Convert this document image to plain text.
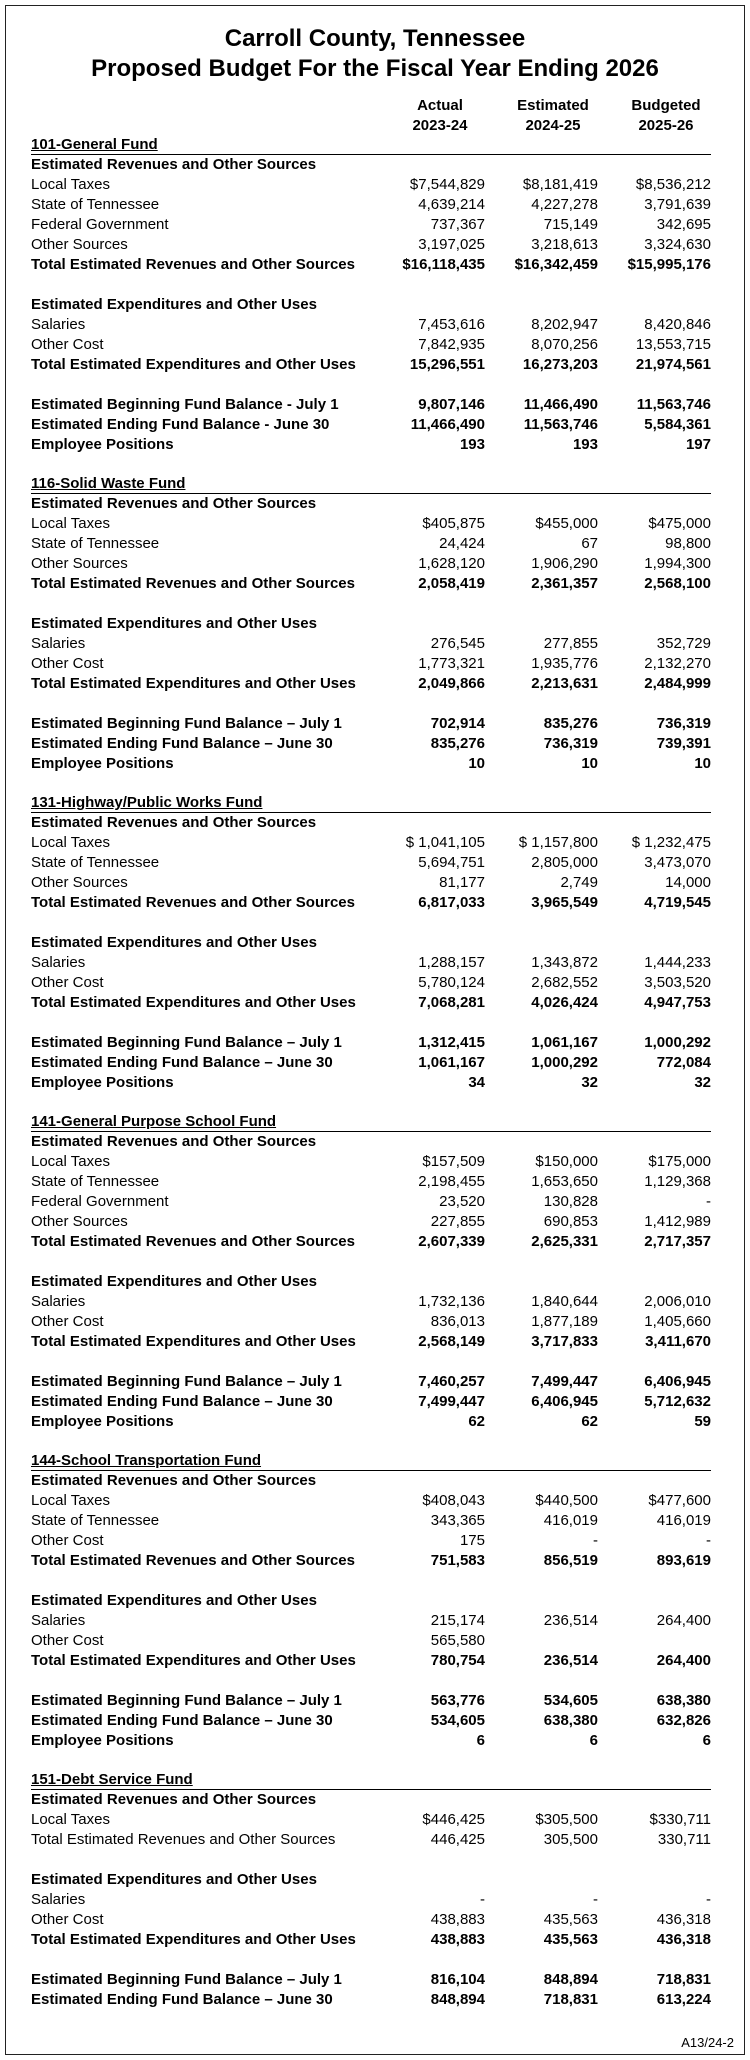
Carroll County, Tennessee
Proposed Budget For the Fiscal Year Ending 2026
Actual
2023-24
Estimated
2024-25
Budgeted
2025-26
101-General Fund
Estimated Revenues and Other Sources
Local Taxes	$7,544,829	$8,181,419	$8,536,212
State of Tennessee	4,639,214	4,227,278	3,791,639
Federal Government	737,367	715,149	342,695
Other Sources	3,197,025	3,218,613	3,324,630
Total Estimated Revenues and Other Sources	$16,118,435	$16,342,459	$15,995,176
Estimated Expenditures and Other Uses
Salaries	7,453,616	8,202,947	8,420,846
Other Cost	7,842,935	8,070,256	13,553,715
Total Estimated Expenditures and Other Uses	15,296,551	16,273,203	21,974,561
Estimated Beginning Fund Balance - July 1	9,807,146	11,466,490	11,563,746
Estimated Ending Fund Balance - June 30	11,466,490	11,563,746	5,584,361
Employee Positions	193	193	197
116-Solid Waste Fund
Estimated Revenues and Other Sources
Local Taxes	$405,875	$455,000	$475,000
State of Tennessee	24,424	67	98,800
Other Sources	1,628,120	1,906,290	1,994,300
Total Estimated Revenues and Other Sources	2,058,419	2,361,357	2,568,100
Estimated Expenditures and Other Uses
Salaries	276,545	277,855	352,729
Other Cost	1,773,321	1,935,776	2,132,270
Total Estimated Expenditures and Other Uses	2,049,866	2,213,631	2,484,999
Estimated Beginning Fund Balance – July 1	702,914	835,276	736,319
Estimated Ending Fund Balance – June 30	835,276	736,319	739,391
Employee Positions	10	10	10
131-Highway/Public Works Fund
Estimated Revenues and Other Sources
Local Taxes	$ 1,041,105	$ 1,157,800	$ 1,232,475
State of Tennessee	5,694,751	2,805,000	3,473,070
Other Sources	81,177	2,749	14,000
Total Estimated Revenues and Other Sources	6,817,033	3,965,549	4,719,545
Estimated Expenditures and Other Uses
Salaries	1,288,157	1,343,872	1,444,233
Other Cost	5,780,124	2,682,552	3,503,520
Total Estimated Expenditures and Other Uses	7,068,281	4,026,424	4,947,753
Estimated Beginning Fund Balance – July 1	1,312,415	1,061,167	1,000,292
Estimated Ending Fund Balance – June 30	1,061,167	1,000,292	772,084
Employee Positions	34	32	32
141-General Purpose School Fund
Estimated Revenues and Other Sources
Local Taxes	$157,509	$150,000	$175,000
State of Tennessee	2,198,455	1,653,650	1,129,368
Federal Government	23,520	130,828	-
Other Sources	227,855	690,853	1,412,989
Total Estimated Revenues and Other Sources	2,607,339	2,625,331	2,717,357
Estimated Expenditures and Other Uses
Salaries	1,732,136	1,840,644	2,006,010
Other Cost	836,013	1,877,189	1,405,660
Total Estimated Expenditures and Other Uses	2,568,149	3,717,833	3,411,670
Estimated Beginning Fund Balance – July 1	7,460,257	7,499,447	6,406,945
Estimated Ending Fund Balance – June 30	7,499,447	6,406,945	5,712,632
Employee Positions	62	62	59
144-School Transportation Fund
Estimated Revenues and Other Sources
Local Taxes	$408,043	$440,500	$477,600
State of Tennessee	343,365	416,019	416,019
Other Cost	175	-	-
Total Estimated Revenues and Other Sources	751,583	856,519	893,619
Estimated Expenditures and Other Uses
Salaries	215,174	236,514	264,400
Other Cost	565,580
Total Estimated Expenditures and Other Uses	780,754	236,514	264,400
Estimated Beginning Fund Balance – July 1	563,776	534,605	638,380
Estimated Ending Fund Balance – June 30	534,605	638,380	632,826
Employee Positions	6	6	6
151-Debt Service Fund
Estimated Revenues and Other Sources
Local Taxes	$446,425	$305,500	$330,711
Total Estimated Revenues and Other Sources	446,425	305,500	330,711
Estimated Expenditures and Other Uses
Salaries	-	-	-
Other Cost	438,883	435,563	436,318
Total Estimated Expenditures and Other Uses	438,883	435,563	436,318
Estimated Beginning Fund Balance – July 1	816,104	848,894	718,831
Estimated Ending Fund Balance – June 30	848,894	718,831	613,224
A13/24-2
